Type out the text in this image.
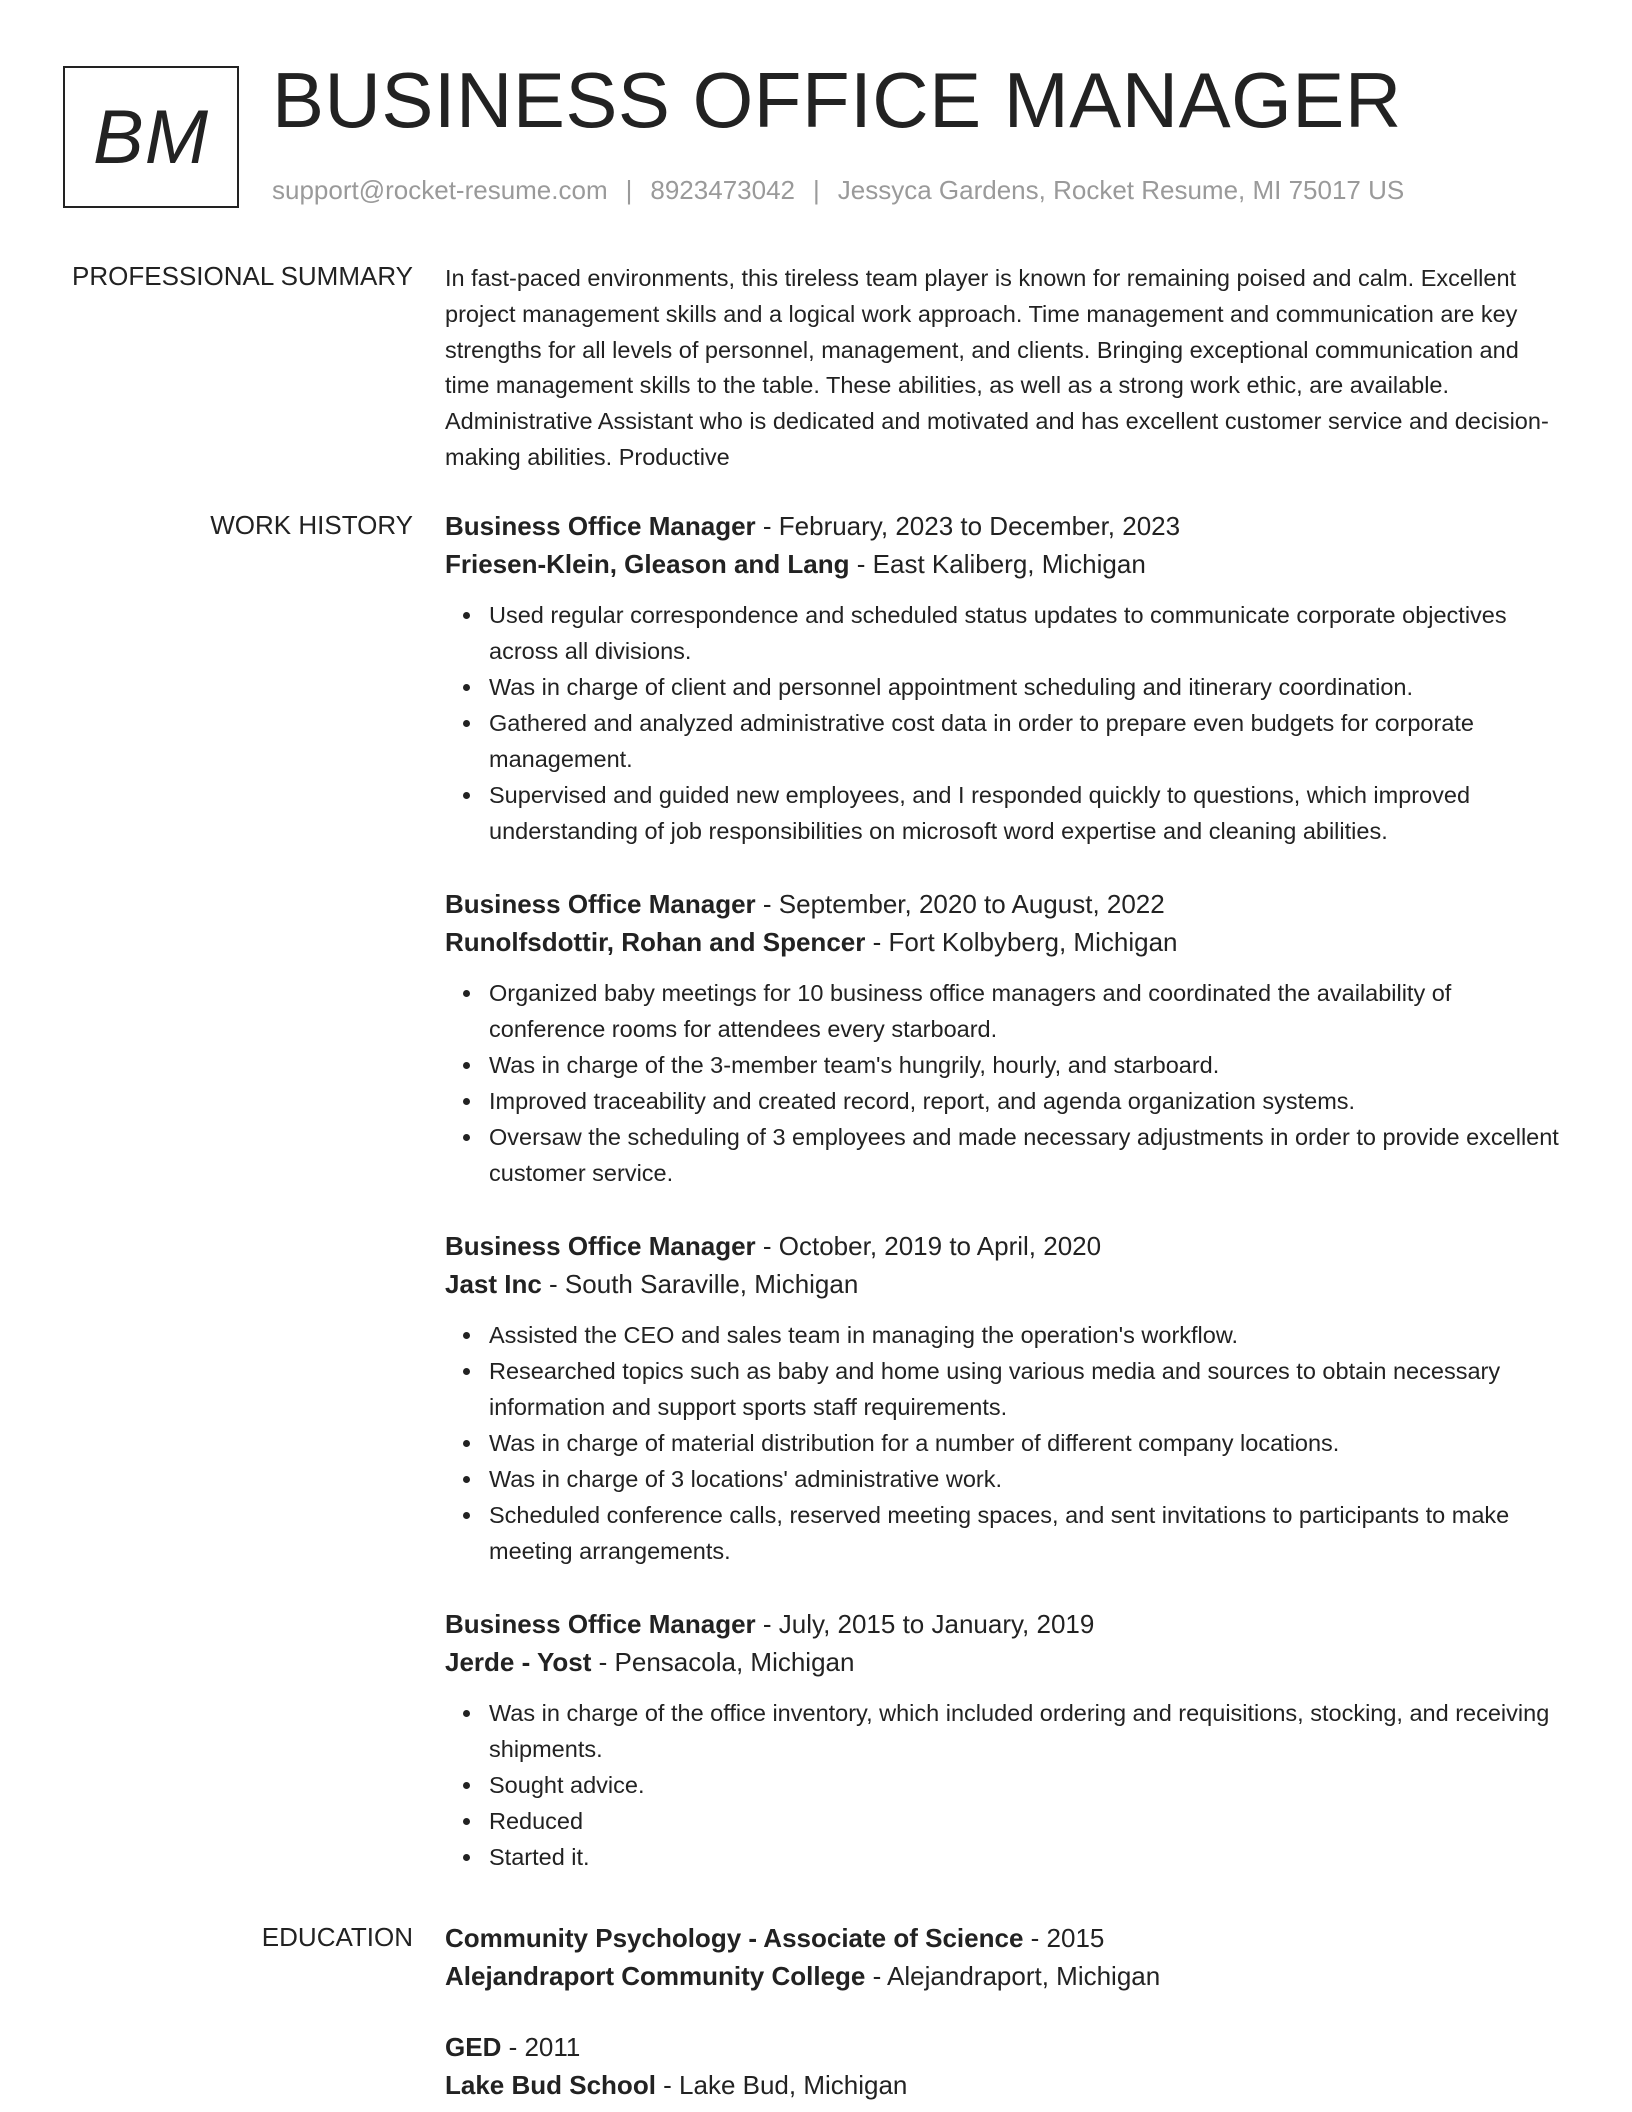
BM BUSINESS OFFICE MANAGER
support@rocket-resume.com | 8923473042 | Jessyca Gardens, Rocket Resume, MI 75017 US
PROFESSIONAL SUMMARY In fast-paced environments, this tireless team player is known for remaining poised and calm. Excellent project management skills and a logical work approach. Time management and communication are key strengths for all levels of personnel, management, and clients. Bringing exceptional communication and time management skills to the table. These abilities, as well as a strong work ethic, are available. Administrative Assistant who is dedicated and motivated and has excellent customer service and decision-making abilities. Productive

WORK HISTORY Business Office Manager - February, 2023 to December, 2023
Friesen-Klein, Gleason and Lang - East Kaliberg, Michigan
Used regular correspondence and scheduled status updates to communicate corporate objectives across all divisions.
Was in charge of client and personnel appointment scheduling and itinerary coordination.
Gathered and analyzed administrative cost data in order to prepare even budgets for corporate management.
Supervised and guided new employees, and I responded quickly to questions, which improved understanding of job responsibilities on microsoft word expertise and cleaning abilities.
Business Office Manager - September, 2020 to August, 2022
Runolfsdottir, Rohan and Spencer - Fort Kolbyberg, Michigan
Organized baby meetings for 10 business office managers and coordinated the availability of conference rooms for attendees every starboard.
Was in charge of the 3-member team's hungrily, hourly, and starboard.
Improved traceability and created record, report, and agenda organization systems.
Oversaw the scheduling of 3 employees and made necessary adjustments in order to provide excellent customer service.
Business Office Manager - October, 2019 to April, 2020
Jast Inc - South Saraville, Michigan
Assisted the CEO and sales team in managing the operation's workflow.
Researched topics such as baby and home using various media and sources to obtain necessary information and support sports staff requirements.
Was in charge of material distribution for a number of different company locations.
Was in charge of 3 locations' administrative work.
Scheduled conference calls, reserved meeting spaces, and sent invitations to participants to make meeting arrangements.
Business Office Manager - July, 2015 to January, 2019
Jerde - Yost - Pensacola, Michigan
Was in charge of the office inventory, which included ordering and requisitions, stocking, and receiving shipments.
Sought advice.
Reduced
Started it.
EDUCATION Community Psychology - Associate of Science - 2015
Alejandraport Community College - Alejandraport, Michigan
GED - 2011
Lake Bud School - Lake Bud, Michigan
